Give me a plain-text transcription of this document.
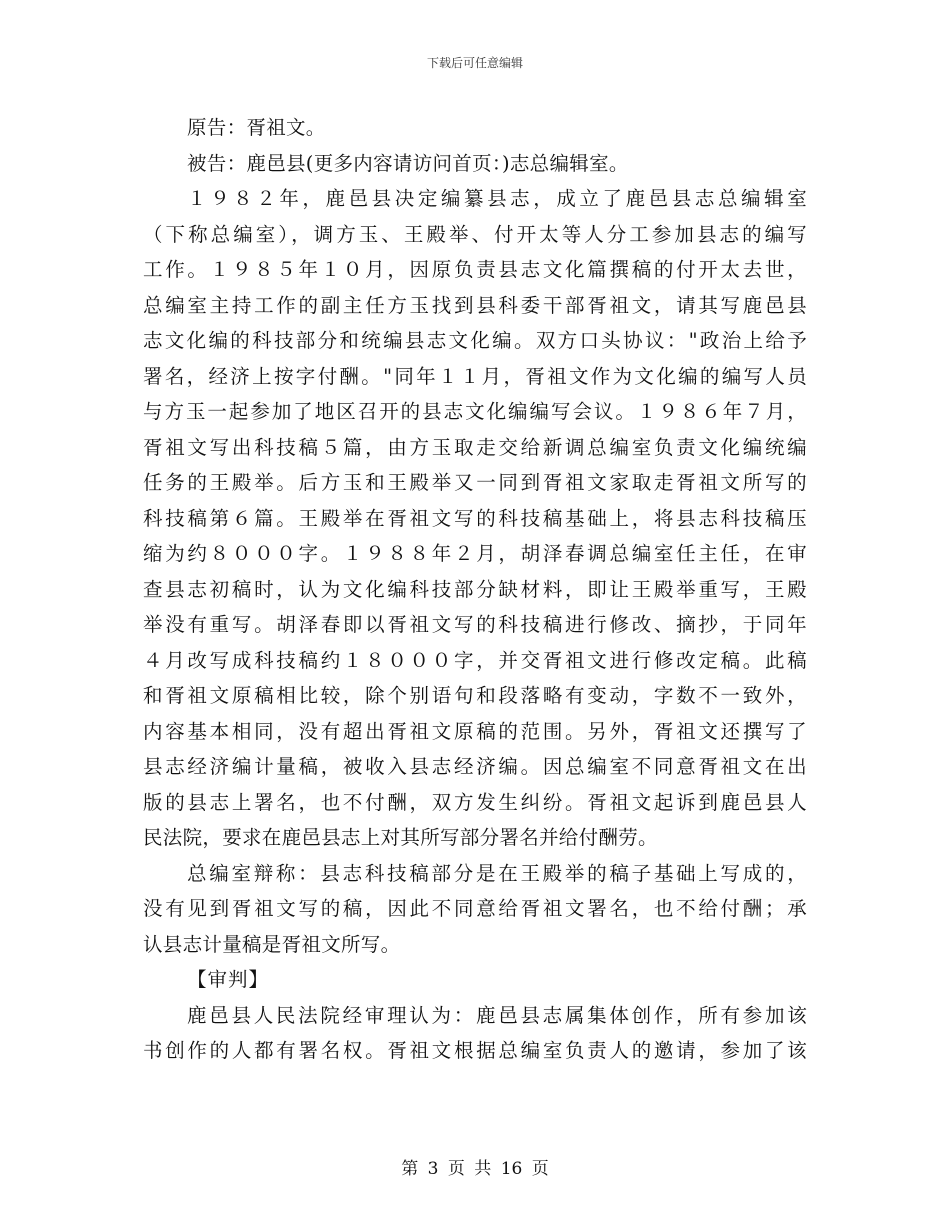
下载后可任意编辑
原告：胥祖文。
被告：鹿邑县(更多内容请访问首页：)志总编辑室。
１９８２年，鹿邑县决定编纂县志，成立了鹿邑县志总编辑室
（下称总编室），调方玉、王殿举、付开太等人分工参加县志的编写
工作。１９８５年１０月，因原负责县志文化篇撰稿的付开太去世，
总编室主持工作的副主任方玉找到县科委干部胥祖文，请其写鹿邑县
志文化编的科技部分和统编县志文化编。双方口头协议："政治上给予
署名，经济上按字付酬。"同年１１月，胥祖文作为文化编的编写人员
与方玉一起参加了地区召开的县志文化编编写会议。１９８６年７月，
胥祖文写出科技稿５篇，由方玉取走交给新调总编室负责文化编统编
任务的王殿举。后方玉和王殿举又一同到胥祖文家取走胥祖文所写的
科技稿第６篇。王殿举在胥祖文写的科技稿基础上，将县志科技稿压
缩为约８０００字。１９８８年２月，胡泽春调总编室任主任，在审
查县志初稿时，认为文化编科技部分缺材料，即让王殿举重写，王殿
举没有重写。胡泽春即以胥祖文写的科技稿进行修改、摘抄，于同年
４月改写成科技稿约１８０００字，并交胥祖文进行修改定稿。此稿
和胥祖文原稿相比较，除个别语句和段落略有变动，字数不一致外，
内容基本相同，没有超出胥祖文原稿的范围。另外，胥祖文还撰写了
县志经济编计量稿，被收入县志经济编。因总编室不同意胥祖文在出
版的县志上署名，也不付酬，双方发生纠纷。胥祖文起诉到鹿邑县人
民法院，要求在鹿邑县志上对其所写部分署名并给付酬劳。
总编室辩称：县志科技稿部分是在王殿举的稿子基础上写成的，
没有见到胥祖文写的稿，因此不同意给胥祖文署名，也不给付酬；承
认县志计量稿是胥祖文所写。
【审判】
鹿邑县人民法院经审理认为：鹿邑县志属集体创作，所有参加该
书创作的人都有署名权。胥祖文根据总编室负责人的邀请，参加了该
第 3 页 共 16 页
